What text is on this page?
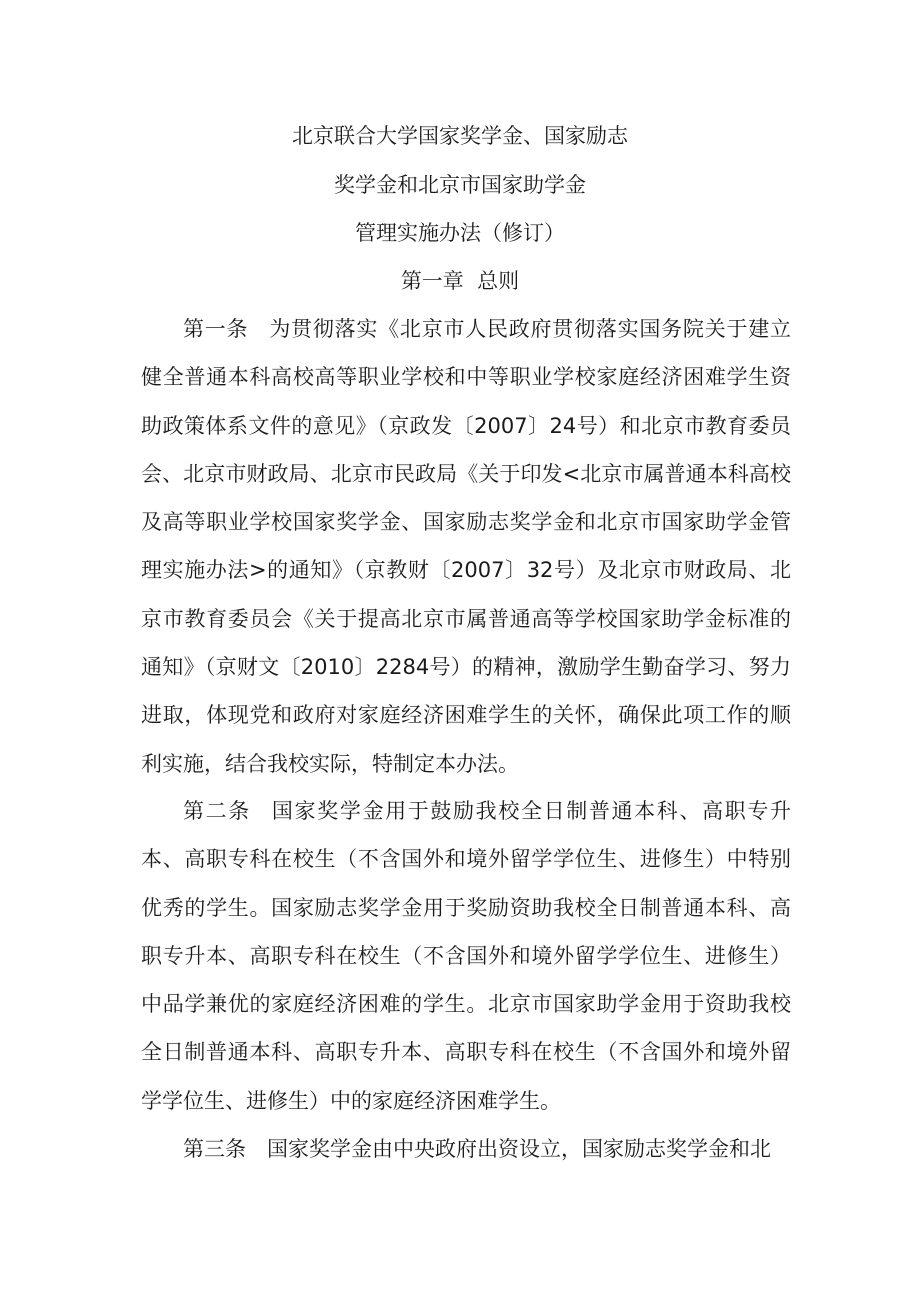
北京联合大学国家奖学金、国家励志
奖学金和北京市国家助学金
管理实施办法（修订）
第一章  总则

第一条 为贯彻落实《北京市人民政府贯彻落实国务院关于建立健全普通本科高校高等职业学校和中等职业学校家庭经济困难学生资助政策体系文件的意见》（京政发〔2007〕24号）和北京市教育委员会、北京市财政局、北京市民政局《关于印发<北京市属普通本科高校及高等职业学校国家奖学金、国家励志奖学金和北京市国家助学金管理实施办法>的通知》（京教财〔2007〕32号）及北京市财政局、北京市教育委员会《关于提高北京市属普通高等学校国家助学金标准的通知》（京财文〔2010〕2284号）的精神，激励学生勤奋学习、努力进取，体现党和政府对家庭经济困难学生的关怀，确保此项工作的顺利实施，结合我校实际，特制定本办法。

第二条 国家奖学金用于鼓励我校全日制普通本科、高职专升本、高职专科在校生（不含国外和境外留学学位生、进修生）中特别优秀的学生。国家励志奖学金用于奖励资助我校全日制普通本科、高职专升本、高职专科在校生（不含国外和境外留学学位生、进修生）中品学兼优的家庭经济困难的学生。北京市国家助学金用于资助我校全日制普通本科、高职专升本、高职专科在校生（不含国外和境外留学学位生、进修生）中的家庭经济困难学生。

第三条 国家奖学金由中央政府出资设立，国家励志奖学金和北
